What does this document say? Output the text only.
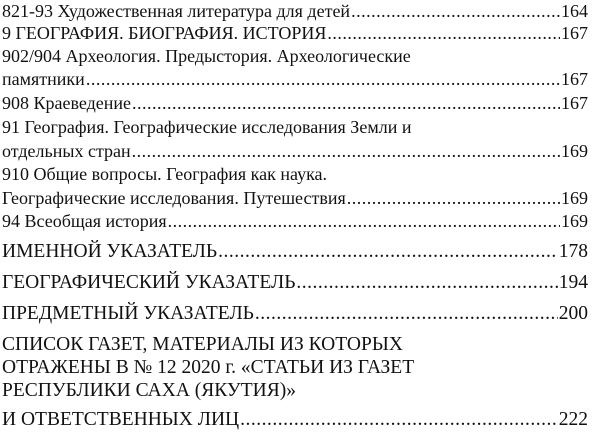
821-93 Художественная литература для детей .....	164
9 ГЕОГРАФИЯ. БИОГРАФИЯ. ИСТОРИЯ .....	167
902/904 Археология. Предыстория. Археологические
памятники .....	167
908 Краеведение .....	167
91 География. Географические исследования Земли и
отдельных стран .....	169
910 Общие вопросы. География как наука.
Географические исследования. Путешествия .....	169
94 Всеобщая история .....	169
ИМЕННОЙ УКАЗАТЕЛЬ .....	178
ГЕОГРАФИЧЕСКИЙ УКАЗАТЕЛЬ .....	194
ПРЕДМЕТНЫЙ УКАЗАТЕЛЬ .....	200
СПИСОК ГАЗЕТ, МАТЕРИАЛЫ ИЗ КОТОРЫХ
ОТРАЖЕНЫ В № 12 2020 г. «СТАТЬИ ИЗ ГАЗЕТ
РЕСПУБЛИКИ САХА (ЯКУТИЯ)»
И ОТВЕТСТВЕННЫХ ЛИЦ .....	222
